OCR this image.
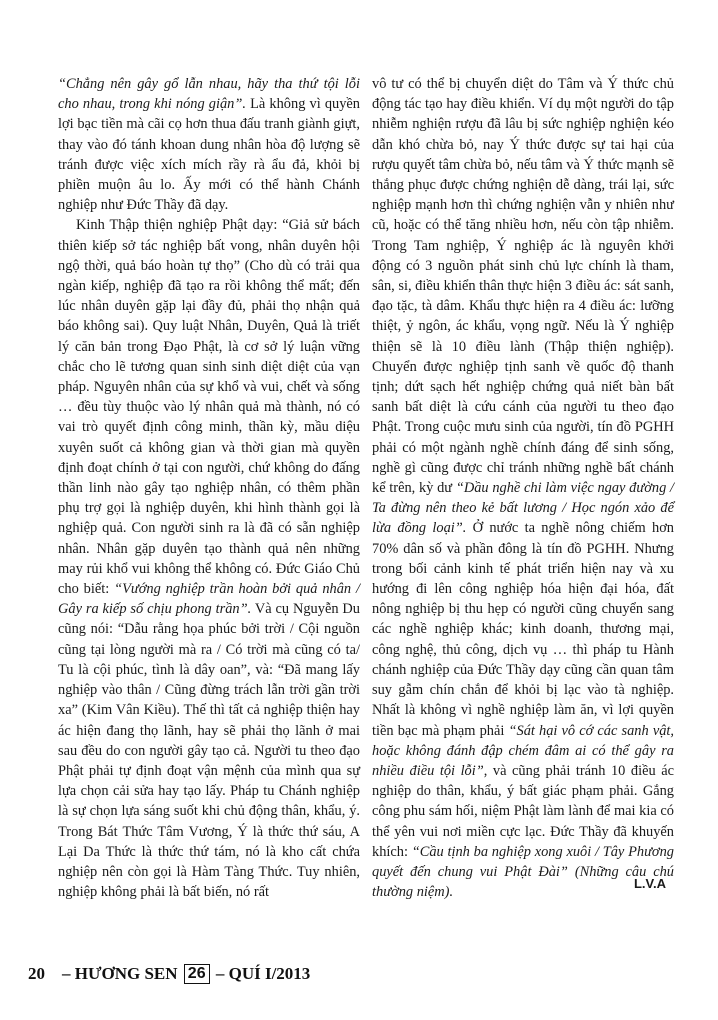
“Chẳng nên gây gổ lẫn nhau, hãy tha thứ tội lỗi cho nhau, trong khi nóng giận”. Là không vì quyền lợi bạc tiền mà cãi cọ hơn thua đấu tranh giành giựt, thay vào đó tánh khoan dung nhân hòa độ lượng sẽ tránh được việc xích mích rầy rà ẩu đả, khỏi bị phiền muộn âu lo. Ấy mới có thể hành Chánh nghiệp như Đức Thầy đã dạy.

Kinh Thập thiện nghiệp Phật dạy: “Giả sử bách thiên kiếp sở tác nghiệp bất vong, nhân duyên hội ngộ thời, quả báo hoàn tự thọ” (Cho dù có trải qua ngàn kiếp, nghiệp đã tạo ra rồi không thể mất; đến lúc nhân duyên gặp lại đầy đủ, phải thọ nhận quả báo không sai). Quy luật Nhân, Duyên, Quả là triết lý căn bản trong Đạo Phật, là cơ sở lý luận vững chắc cho lẽ tương quan sinh sinh diệt diệt của vạn pháp. Nguyên nhân của sự khổ và vui, chết và sống … đều tùy thuộc vào lý nhân quả mà thành, nó có vai trò quyết định công minh, thần kỳ, mầu diệu xuyên suốt cả không gian và thời gian mà quyền định đoạt chính ở tại con người, chứ không do đấng thần linh nào gây tạo nghiệp nhân, có thêm phần phụ trợ gọi là nghiệp duyên, khi hình thành gọi là nghiệp quả. Con người sinh ra là đã có sẵn nghiệp nhân. Nhân gặp duyên tạo thành quả nên những may rủi khổ vui không thể không có. Đức Giáo Chủ cho biết: “Vướng nghiệp trần hoàn bởi quả nhân / Gây ra kiếp số chịu phong trần”. Và cụ Nguyễn Du cũng nói: “Dẫu rằng họa phúc bởi trời / Cội nguồn cũng tại lòng người mà ra / Có trời mà cũng có ta/ Tu là cội phúc, tình là dây oan”, và: “Đã mang lấy nghiệp vào thân / Cũng đừng trách lẫn trời gần trời xa” (Kim Vân Kiều). Thế thì tất cả nghiệp thiện hay ác hiện đang thọ lãnh, hay sẽ phải thọ lãnh ở mai sau đều do con người gây tạo cả. Người tu theo đạo Phật phải tự định đoạt vận mệnh của mình qua sự lựa chọn cải sửa hay tạo lấy. Pháp tu Chánh nghiệp là sự chọn lựa sáng suốt khi chủ động thân, khẩu, ý. Trong Bát Thức Tâm Vương, Ý là thức thứ sáu, A Lại Da Thức là thức thứ tám, nó là kho cất chứa nghiệp nên còn gọi là Hàm Tàng Thức. Tuy nhiên, nghiệp không phải là bất biến, nó rất

vô tư có thể bị chuyển diệt do Tâm và Ý thức chủ động tác tạo hay điều khiển. Ví dụ một người do tập nhiễm nghiện rượu đã lâu bị sức nghiệp nghiện kéo dẫn khó chừa bỏ, nay Ý thức được sự tai hại của rượu quyết tâm chừa bỏ, nếu tâm và Ý thức mạnh sẽ thắng phục được chứng nghiện dễ dàng, trái lại, sức nghiệp mạnh hơn thì chứng nghiện vẫn y nhiên như cũ, hoặc có thể tăng nhiều hơn, nếu còn tập nhiễm. Trong Tam nghiệp, Ý nghiệp ác là nguyên khởi động có 3 nguồn phát sinh chủ lực chính là tham, sân, si, điều khiển thân thực hiện 3 điều ác: sát sanh, đạo tặc, tà dâm. Khẩu thực hiện ra 4 điều ác: lưỡng thiệt, ỷ ngôn, ác khẩu, vọng ngữ. Nếu là Ý nghiệp thiện sẽ là 10 điều lành (Thập thiện nghiệp). Chuyển được nghiệp tịnh sanh về quốc độ thanh tịnh; dứt sạch hết nghiệp chứng quả niết bàn bất sanh bất diệt là cứu cánh của người tu theo đạo Phật. Trong cuộc mưu sinh của người, tín đồ PGHH phải có một ngành nghề chính đáng để sinh sống, nghề gì cũng được chỉ tránh những nghề bất chánh kể trên, kỳ dư “Dầu nghề chi làm việc ngay đường / Ta đừng nên theo kẻ bất lương / Học ngón xảo để lừa đồng loại”. Ở nước ta nghề nông chiếm hơn 70% dân số và phần đông là tín đồ PGHH. Nhưng trong bối cảnh kinh tế phát triển hiện nay và xu hướng đi lên công nghiệp hóa hiện đại hóa, đất nông nghiệp bị thu hẹp có người cũng chuyển sang các nghề nghiệp khác; kinh doanh, thương mại, công nghệ, thủ công, dịch vụ … thì pháp tu Hành chánh nghiệp của Đức Thầy dạy cũng cần quan tâm suy gẫm chín chắn để khỏi bị lạc vào tà nghiệp. Nhất là không vì nghề nghiệp làm ăn, vì lợi quyền tiền bạc mà phạm phải “Sát hại vô cớ các sanh vật, hoặc không đánh đập chém đâm ai có thể gây ra nhiều điều tội lỗi”, và cũng phải tránh 10 điều ác nghiệp do thân, khẩu, ý bất giác phạm phải. Gắng công phu sám hối, niệm Phật làm lành để mai kia có thể yên vui nơi miền cực lạc. Đức Thầy đã khuyến khích: “Cầu tịnh ba nghiệp xong xuôi / Tây Phương quyết đến chung vui Phật Đài” (Những câu chú thường niệm).

L.V.A
20 – HƯƠNG SEN 26 – QUÍ I/2013
